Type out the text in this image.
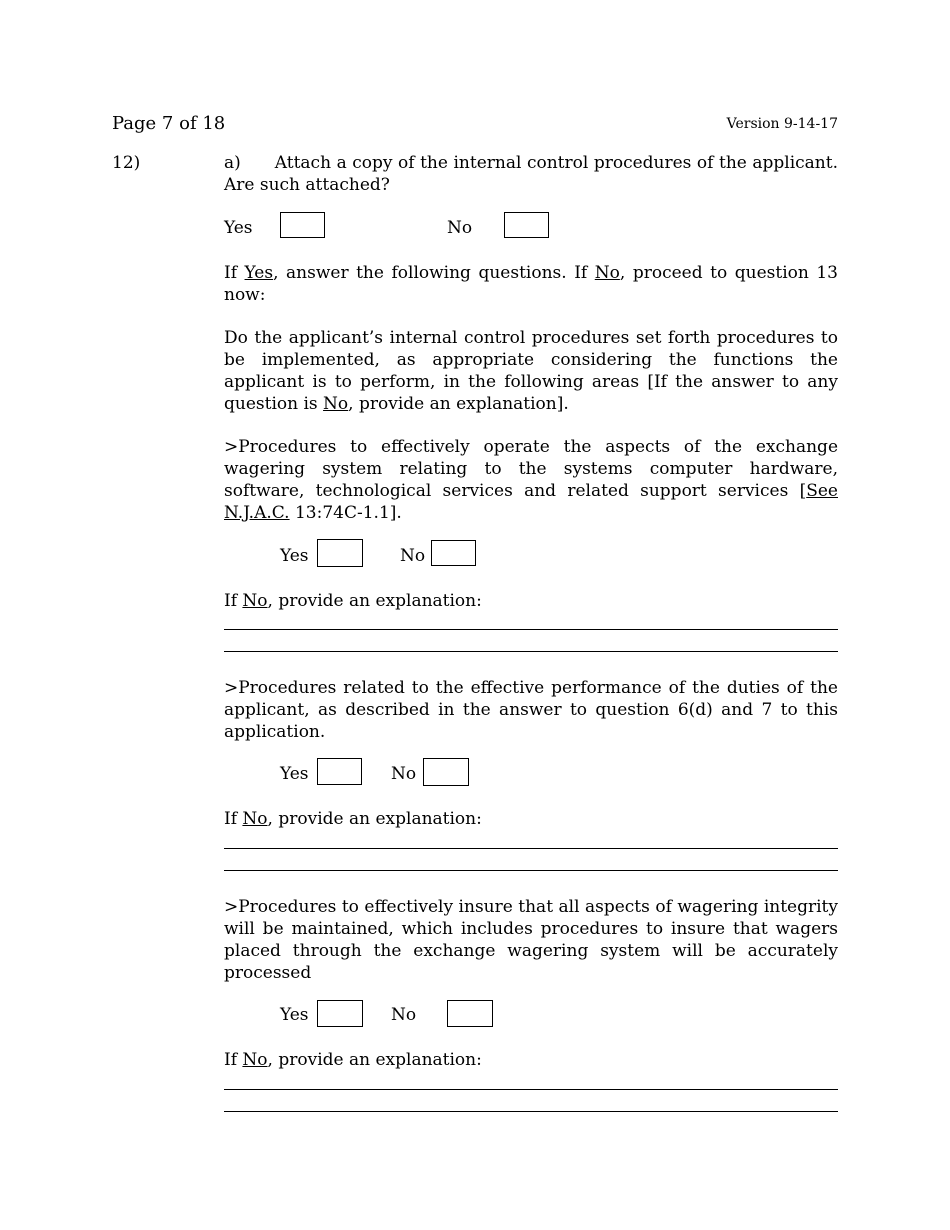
Page 7 of 18	Version 9-14-17
12)	a) Attach a copy of the internal control procedures of the applicant. Are such attached?
Yes	No
If Yes, answer the following questions. If No, proceed to question 13 now:
Do the applicant’s internal control procedures set forth procedures to be implemented, as appropriate considering the functions the applicant is to perform, in the following areas [If the answer to any question is No, provide an explanation].
>Procedures to effectively operate the aspects of the exchange wagering system relating to the systems computer hardware, software, technological services and related support services [See N.J.A.C. 13:74C-1.1].
Yes	No
If No, provide an explanation:
>Procedures related to the effective performance of the duties of the applicant, as described in the answer to question 6(d) and 7 to this application.
Yes	No
If No, provide an explanation:
>Procedures to effectively insure that all aspects of wagering integrity will be maintained, which includes procedures to insure that wagers placed through the exchange wagering system will be accurately processed
Yes	No
If No, provide an explanation:
